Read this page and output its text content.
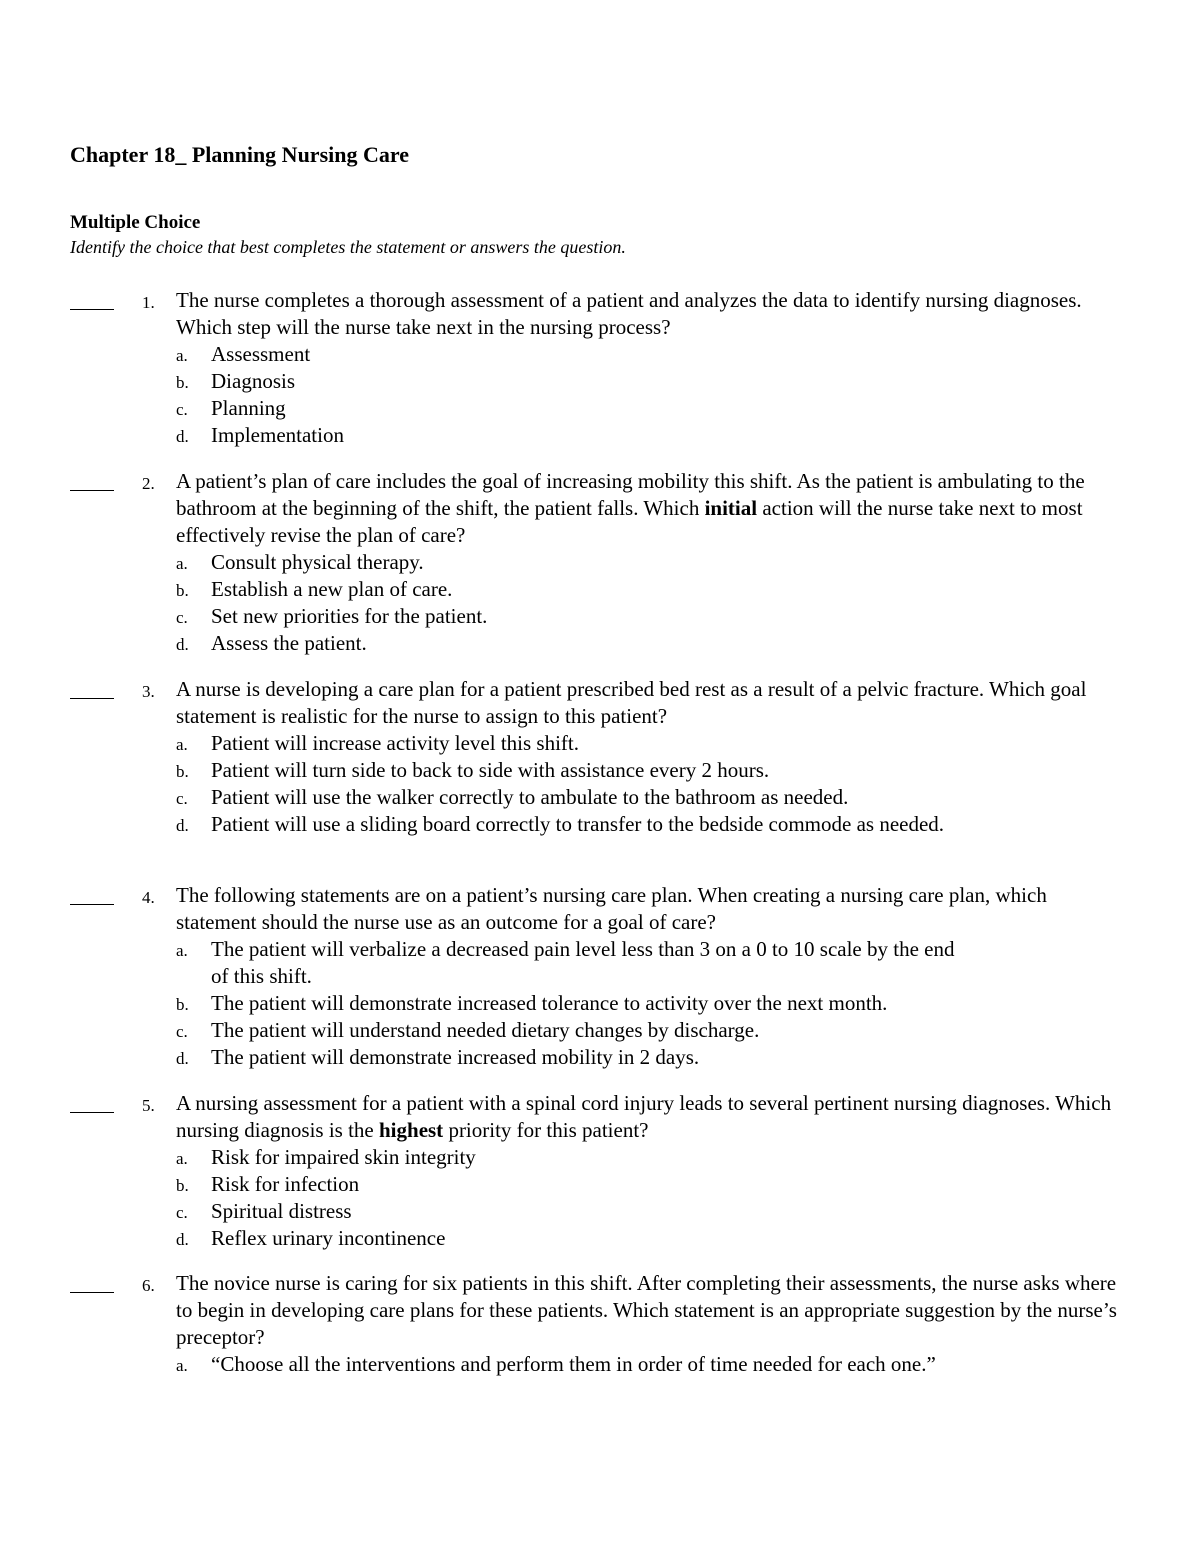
Chapter 18_ Planning Nursing Care
Multiple Choice
Identify the choice that best completes the statement or answers the question.
1. The nurse completes a thorough assessment of a patient and analyzes the data to identify nursing diagnoses. Which step will the nurse take next in the nursing process?
a. Assessment
b. Diagnosis
c. Planning
d. Implementation
2. A patient’s plan of care includes the goal of increasing mobility this shift. As the patient is ambulating to the bathroom at the beginning of the shift, the patient falls. Which initial action will the nurse take next to most effectively revise the plan of care?
a. Consult physical therapy.
b. Establish a new plan of care.
c. Set new priorities for the patient.
d. Assess the patient.
3. A nurse is developing a care plan for a patient prescribed bed rest as a result of a pelvic fracture. Which goal statement is realistic for the nurse to assign to this patient?
a. Patient will increase activity level this shift.
b. Patient will turn side to back to side with assistance every 2 hours.
c. Patient will use the walker correctly to ambulate to the bathroom as needed.
d. Patient will use a sliding board correctly to transfer to the bedside commode as needed.
4. The following statements are on a patient’s nursing care plan. When creating a nursing care plan, which statement should the nurse use as an outcome for a goal of care?
a. The patient will verbalize a decreased pain level less than 3 on a 0 to 10 scale by the end of this shift.
b. The patient will demonstrate increased tolerance to activity over the next month.
c. The patient will understand needed dietary changes by discharge.
d. The patient will demonstrate increased mobility in 2 days.
5. A nursing assessment for a patient with a spinal cord injury leads to several pertinent nursing diagnoses. Which nursing diagnosis is the highest priority for this patient?
a. Risk for impaired skin integrity
b. Risk for infection
c. Spiritual distress
d. Reflex urinary incontinence
6. The novice nurse is caring for six patients in this shift. After completing their assessments, the nurse asks where to begin in developing care plans for these patients. Which statement is an appropriate suggestion by the nurse’s preceptor?
a. “Choose all the interventions and perform them in order of time needed for each one.”
